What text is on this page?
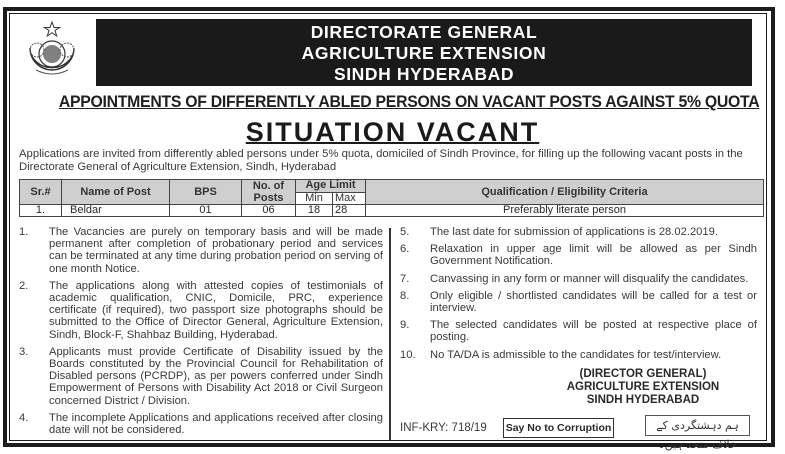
DIRECTORATE GENERAL
AGRICULTURE EXTENSION
SINDH HYDERABAD
APPOINTMENTS OF DIFFERENTLY ABLED PERSONS ON VACANT POSTS AGAINST 5% QUOTA
SITUATION VACANT
Applications are invited from differently abled persons under 5% quota, domiciled of Sindh Province, for filling up the following vacant posts in the Directorate General of Agriculture Extension, Sindh, Hyderabad
Sr.#	Name of Post	BPS	No. of Posts	Age Limit		Qualification / Eligibility Criteria
				Min	Max	
1.	Beldar	01	06	18	28	Preferably literate person
1.	The Vacancies are purely on temporary basis and will be made permanent after completion of probationary period and services can be terminated at any time during probation period on serving of one month Notice.
2.	The applications along with attested copies of testimonials of academic qualification, CNIC, Domicile, PRC, experience certificate (if required), two passport size photographs should be submitted to the Office of Director General, Agriculture Extension, Sindh, Block-F, Shahbaz Building, Hyderabad.
3.	Applicants must provide Certificate of Disability issued by the Boards constituted by the Provincial Council for Rehabilitation of Disabled persons (PCRDP), as per powers conferred under Sindh Empowerment of Persons with Disability Act 2018 or Civil Surgeon concerned District / Division.
4.	The incomplete Applications and applications received after closing date will not be considered.
5.	The last date for submission of applications is 28.02.2019.
6.	Relaxation in upper age limit will be allowed as per Sindh Government Notification.
7.	Canvassing in any form or manner will disqualify the candidates.
8.	Only eligible / shortlisted candidates will be called for a test or interview.
9.	The selected candidates will be posted at respective place of posting.
10.	No TA/DA is admissible to the candidates for test/interview.
(DIRECTOR GENERAL)
AGRICULTURE EXTENSION
SINDH HYDERABAD
INF-KRY: 718/19 Say No to Corruption	ہم دہشتگردی کے خلاف متحد ہیں۔
